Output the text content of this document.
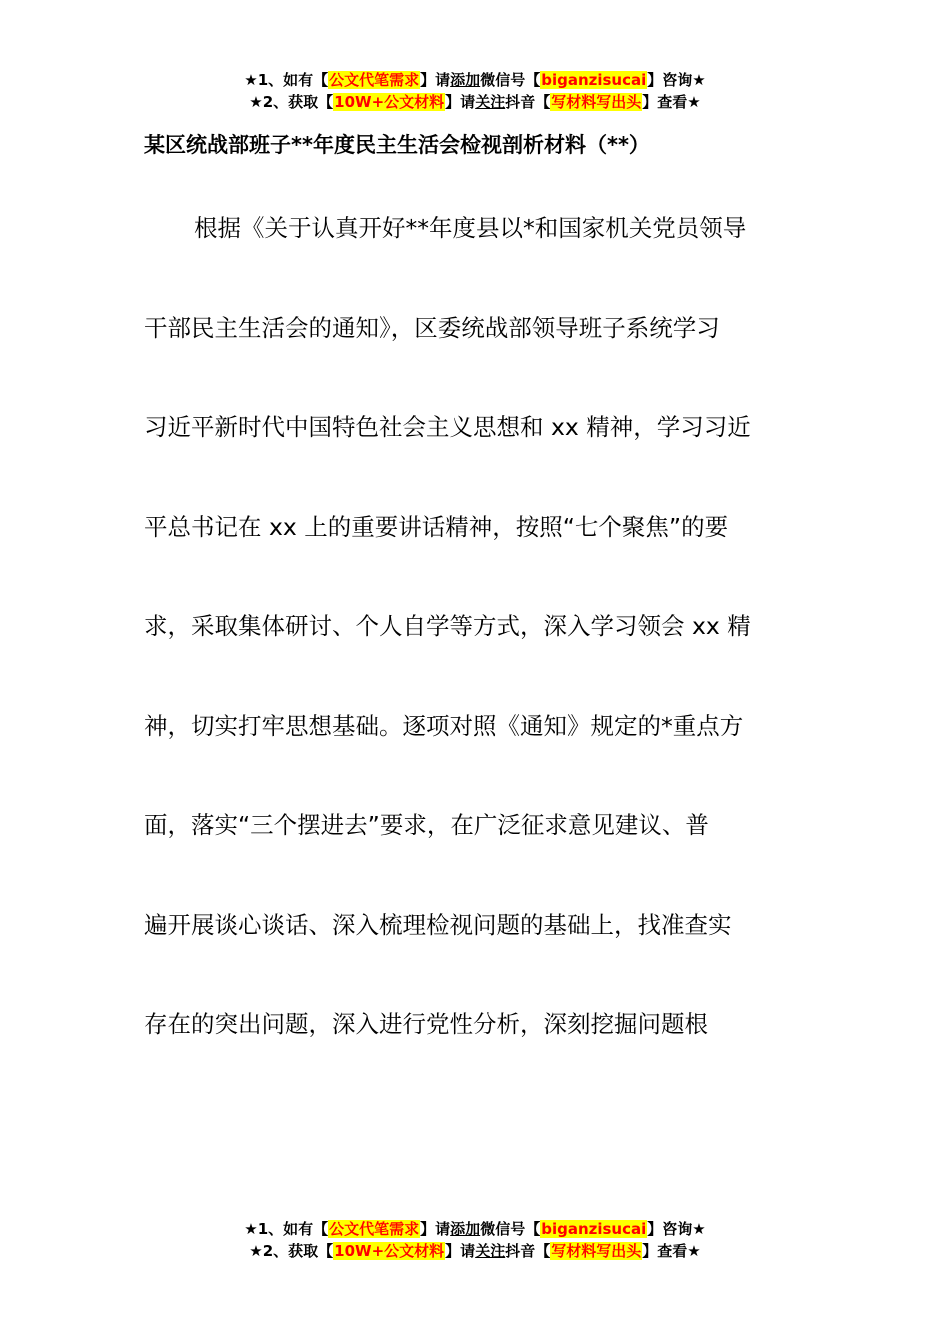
★1、如有【公文代笔需求】请添加微信号【biganzisucai】咨询★
★2、获取【10W+公文材料】请关注抖音【写材料写出头】查看★
某区统战部班子**年度民主生活会检视剖析材料（**）
根据《关于认真开好**年度县以*和国家机关党员领导
干部民主生活会的通知》，区委统战部领导班子系统学习
习近平新时代中国特色社会主义思想和 xx 精神，学习习近
平总书记在 xx 上的重要讲话精神，按照“七个聚焦”的要
求，采取集体研讨、个人自学等方式，深入学习领会 xx 精
神，切实打牢思想基础。逐项对照《通知》规定的*重点方
面，落实“三个摆进去”要求，在广泛征求意见建议、普
遍开展谈心谈话、深入梳理检视问题的基础上，找准查实
存在的突出问题，深入进行党性分析，深刻挖掘问题根
★1、如有【公文代笔需求】请添加微信号【biganzisucai】咨询★
★2、获取【10W+公文材料】请关注抖音【写材料写出头】查看★
